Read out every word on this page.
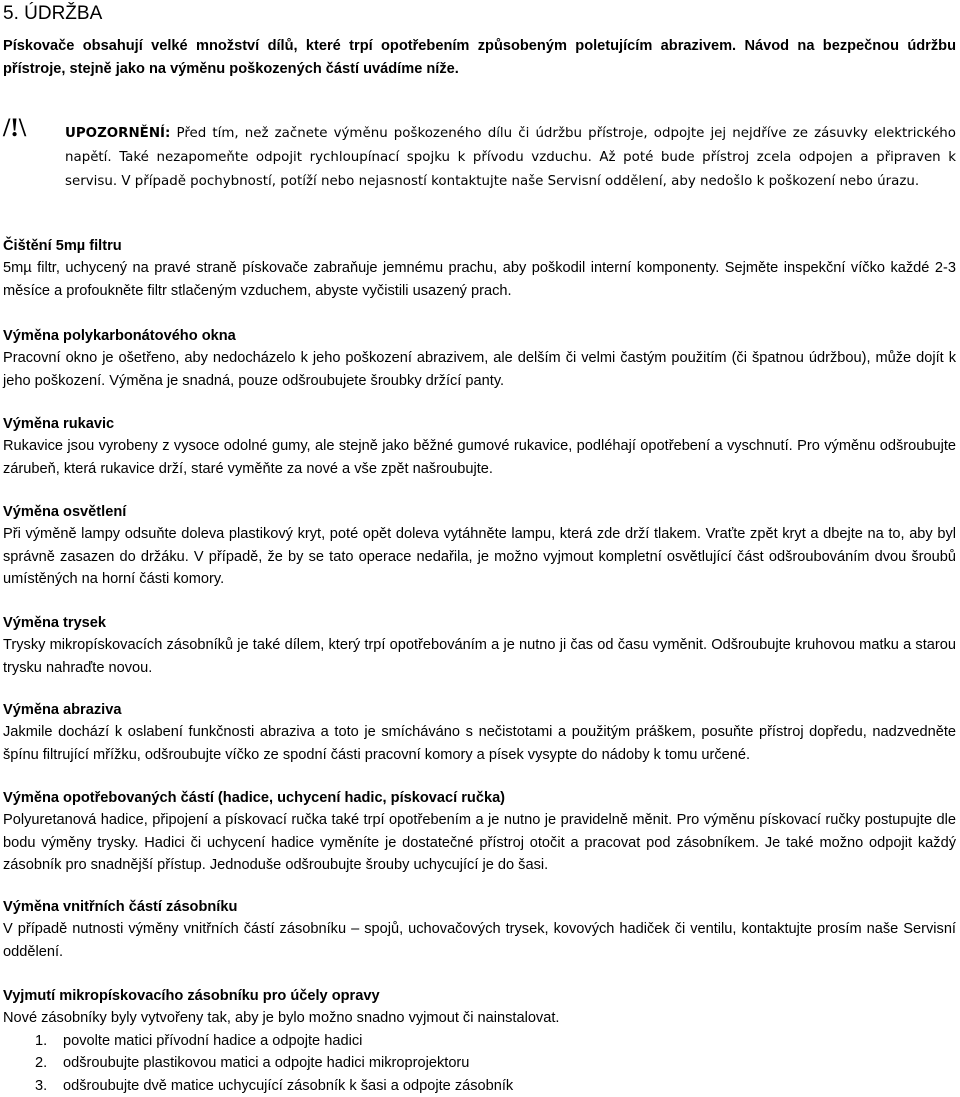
5. ÚDRŽBA
Pískovače obsahují velké množství dílů, které trpí opotřebením způsobeným poletujícím abrazivem. Návod na bezpečnou údržbu přístroje, stejně jako na výměnu poškozených částí uvádíme níže.
/!\	UPOZORNĚNÍ: Před tím, než začnete výměnu poškozeného dílu či údržbu přístroje, odpojte jej nejdříve ze zásuvky elektrického napětí. Také nezapomeňte odpojit rychloupínací spojku k přívodu vzduchu. Až poté bude přístroj zcela odpojen a připraven k servisu. V případě pochybností, potíží nebo nejasností kontaktujte naše Servisní oddělení, aby nedošlo k poškození nebo úrazu.
Čištění 5mµ filtru
5mµ filtr, uchycený na pravé straně pískovače zabraňuje jemnému prachu, aby poškodil interní komponenty. Sejměte inspekční víčko každé 2-3 měsíce a profoukněte filtr stlačeným vzduchem, abyste vyčistili usazený prach.
Výměna polykarbonátového okna
Pracovní okno je ošetřeno, aby nedocházelo k jeho poškození abrazivem, ale delším či velmi častým použitím (či špatnou údržbou), může dojít k jeho poškození. Výměna je snadná, pouze odšroubujete šroubky držící panty.
Výměna rukavic
Rukavice jsou vyrobeny z vysoce odolné gumy, ale stejně jako běžné gumové rukavice, podléhají opotřebení a vyschnutí. Pro výměnu odšroubujte zárubeň, která rukavice drží, staré vyměňte za nové a vše zpět našroubujte.
Výměna osvětlení
Při výměně lampy odsuňte doleva plastikový kryt, poté opět doleva vytáhněte lampu, která zde drží tlakem. Vraťte zpět kryt a dbejte na to, aby byl správně zasazen do držáku. V případě, že by se tato operace nedařila, je možno vyjmout kompletní osvětlující část odšroubováním dvou šroubů umístěných na horní části komory.
Výměna trysek
Trysky mikropískovacích zásobníků je také dílem, který trpí opotřebováním a je nutno ji čas od času vyměnit. Odšroubujte kruhovou matku a starou trysku nahraďte novou.
Výměna abraziva
Jakmile dochází k oslabení funkčnosti abraziva a toto je smícháváno s nečistotami a použitým práškem, posuňte přístroj dopředu, nadzvedněte špínu filtrující mřížku, odšroubujte víčko ze spodní části pracovní komory a písek vysypte do nádoby k tomu určené.
Výměna opotřebovaných částí (hadice, uchycení hadic, pískovací ručka)
Polyuretanová hadice, připojení a pískovací ručka také trpí opotřebením a je nutno je pravidelně měnit. Pro výměnu pískovací ručky postupujte dle bodu výměny trysky. Hadici či uchycení hadice vyměníte je dostatečné přístroj otočit a pracovat pod zásobníkem. Je také možno odpojit každý zásobník pro snadnější přístup. Jednoduše odšroubujte šrouby uchycující je do šasi.
Výměna vnitřních částí zásobníku
V případě nutnosti výměny vnitřních částí zásobníku – spojů, uchovačových trysek, kovových hadiček či ventilu, kontaktujte prosím naše Servisní oddělení.
Vyjmutí mikropískovacího zásobníku pro účely opravy
Nové zásobníky byly vytvořeny tak, aby je bylo možno snadno vyjmout či nainstalovat.
1. povolte matici přívodní hadice a odpojte hadici
2. odšroubujte plastikovou matici a odpojte hadici mikroprojektoru
3. odšroubujte dvě matice uchycující zásobník k šasi a odpojte zásobník
